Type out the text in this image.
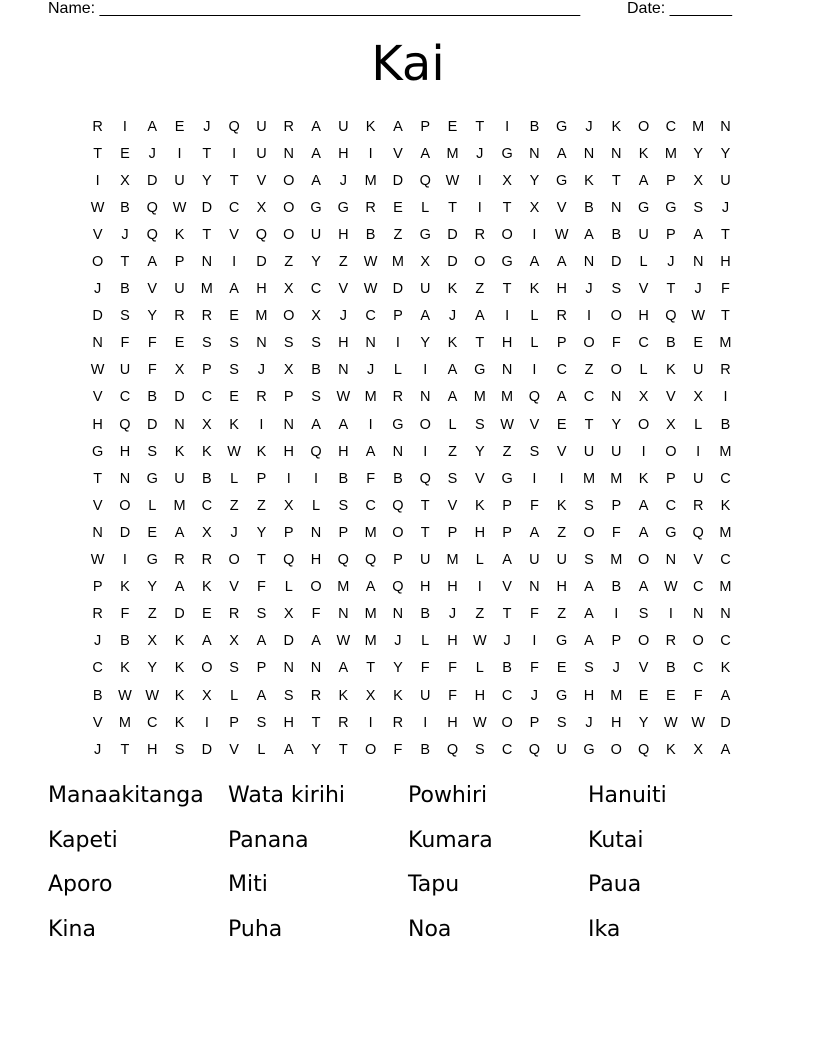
Name: ______________________________________________________	Date: _______
Kai
R	I	A	E	J	Q	U	R	A	U	K	A	P	E	T	I	B	G	J	K	O	C	M	N
T	E	J	I	T	I	U	N	A	H	I	V	A	M	J	G	N	A	N	N	K	M	Y	Y
I	X	D	U	Y	T	V	O	A	J	M	D	Q	W	I	X	Y	G	K	T	A	P	X	U
W	B	Q	W	D	C	X	O	G	G	R	E	L	T	I	T	X	V	B	N	G	G	S	J
V	J	Q	K	T	V	Q	O	U	H	B	Z	G	D	R	O	I	W	A	B	U	P	A	T
O	T	A	P	N	I	D	Z	Y	Z	W M	X	D	O	G	A	A	N	D	L	J	N	H
J	B	V	U	M	A	H	X	C	V	W	D	U	K	Z	T	K	H	J	S	V	T	J	F
D	S	Y	R	R	E	M	O	X	J	C	P	A	J	A	I	L	R	I	O	H	Q	W	T
N	F	F	E	S	S	N	S	S	H	N	I	Y	K	T	H	L	P	O	F	C	B	E	M
W	U	F	X	P	S	J	X	B	N	J	L	I	A	G	N	I	C	Z	O	L	K	U	R
V	C	B	D	C	E	R	P	S	W M	R	N	A	M	M	Q	A	C	N	X	V	X	I
H	Q	D	N	X	K	I	N	A	A	I	G	O	L	S	W	V	E	T	Y	O	X	L	B
G	H	S	K	K	W	K	H	Q	H	A	N	I	Z	Y	Z	S	V	U	U	I	O	I	M
T	N	G	U	B	L	P	I	I	B	F	B	Q	S	V	G	I	I	M	M	K	P	U	C
V	O	L	M	C	Z	Z	X	L	S	C	Q	T	V	K	P	F	K	S	P	A	C	R	K
N	D	E	A	X	J	Y	P	N	P	M	O	T	P	H	P	A	Z	O	F	A	G	Q	M
W	I	G	R	R	O	T	Q	H	Q	Q	P	U	M	L	A	U	U	S	M	O	N	V	C
P	K	Y	A	K	V	F	L	O	M	A	Q	H	H	I	V	N	H	A	B	A	W	C	M
R	F	Z	D	E	R	S	X	F	N	M	N	B	J	Z	T	F	Z	A	I	S	I	N	N
J	B	X	K	A	X	A	D	A	W M	J	L	H	W	J	I	G	A	P	O	R	O	C
C	K	Y	K	O	S	P	N	N	A	T	Y	F	F	L	B	F	E	S	J	V	B	C	K
B	W W	K	X	L	A	S	R	K	X	K	U	F	H	C	J	G	H	M	E	E	F	A
V	M	C	K	I	P	S	H	T	R	I	R	I	H	W	O	P	S	J	H	Y	W W	D
J	T	H	S	D	V	L	A	Y	T	O	F	B	Q	S	C	Q	U	G	O	Q	K	X	A
Manaakitanga	Wata kirihi	Powhiri	Hanuiti
Kapeti	Panana	Kumara	Kutai
Aporo	Miti	Tapu	Paua
Kina	Puha	Noa	Ika
